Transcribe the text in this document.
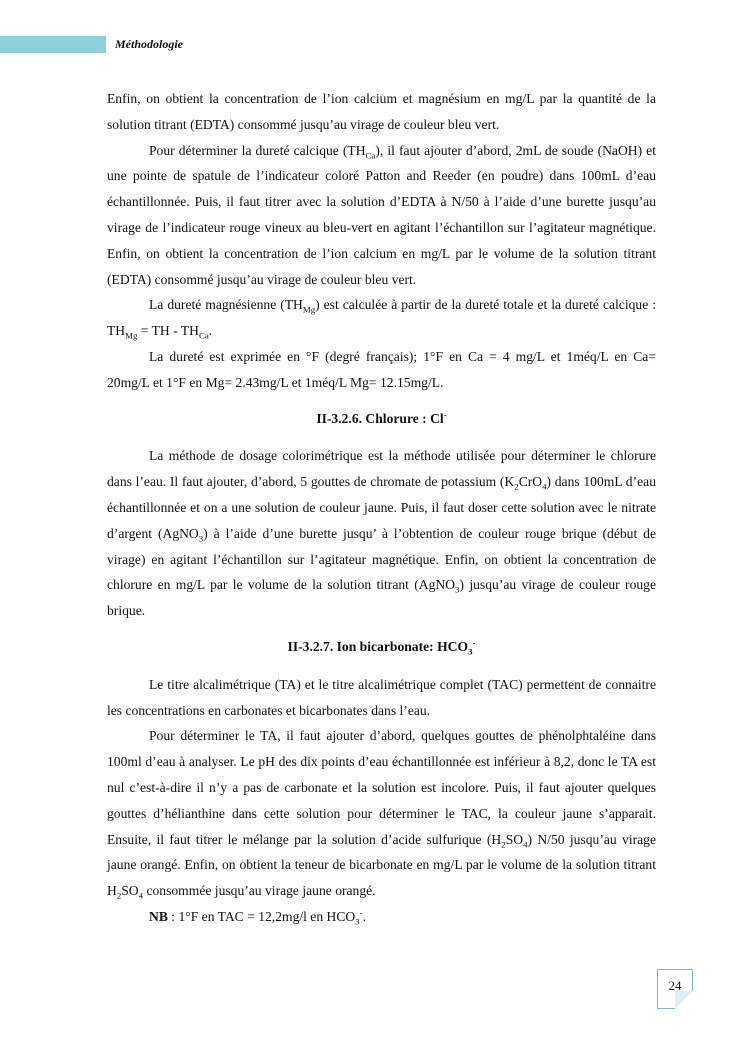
Méthodologie

Enfin, on obtient la concentration de l’ion calcium et magnésium en mg/L par la quantité de la solution titrant (EDTA) consommé jusqu’au virage de couleur bleu vert.

Pour déterminer la dureté calcique $(TH_{Ca})$, il faut ajouter d’abord, 2mL de soude (NaOH) et une pointe de spatule de l’indicateur coloré Patton and Reeder (en poudre) dans 100mL d’eau échantillonnée. Puis, il faut titrer avec la solution d’EDTA à N/50 à l’aide d’une burette jusqu’au virage de l’indicateur rouge vineux au bleu-vert en agitant l’échantillon sur l’agitateur magnétique. Enfin, on obtient la concentration de l’ion calcium en mg/L par le volume de la solution titrant (EDTA) consommé jusqu’au virage de couleur bleu vert.

La dureté magnésienne $(TH_{Mg})$ est calculée à partir de la dureté totale et la dureté calcique : $TH_{Mg}$ = TH - $TH_{Ca}$.

La dureté est exprimée en °F (degré français); 1°F en Ca = 4 mg/L et 1méq/L en Ca= 20mg/L et 1°F en Mg= 2.43mg/L et 1méq/L Mg= 12.15mg/L.

II-3.2.6. Chlorure : Cl-

La méthode de dosage colorimétrique est la méthode utilisée pour déterminer le chlorure dans l’eau. Il faut ajouter, d’abord, 5 gouttes de chromate de potassium $(K_2CrO_4)$ dans 100mL d’eau échantillonnée et on a une solution de couleur jaune. Puis, il faut doser cette solution avec le nitrate d’argent (AgNO$_3$) à l’aide d’une burette jusqu’ à l’obtention de couleur rouge brique (début de virage) en agitant l’échantillon sur l’agitateur magnétique. Enfin, on obtient la concentration de chlorure en mg/L par le volume de la solution titrant (AgNO$_3$) jusqu’au virage de couleur rouge brique.

II-3.2.7. Ion bicarbonate: $HCO_3^-$

Le titre alcalimétrique (TA) et le titre alcalimétrique complet (TAC) permettent de connaitre les concentrations en carbonates et bicarbonates dans l’eau.

Pour déterminer le TA, il faut ajouter d’abord, quelques gouttes de phénolphtaléine dans 100ml d’eau à analyser. Le pH des dix points d’eau échantillonnée est inférieur à 8,2, donc le TA est nul c’est-à-dire il n’y a pas de carbonate et la solution est incolore. Puis, il faut ajouter quelques gouttes d’hélianthine dans cette solution pour déterminer le TAC, la couleur jaune s’apparait. Ensuite, il faut titrer le mélange par la solution d’acide sulfurique $(H_2SO_4)$ N/50 jusqu’au virage jaune orangé. Enfin, on obtient la teneur de bicarbonate en mg/L par le volume de la solution titrant $H_2SO_4$ consommée jusqu’au virage jaune orangé.

NB : 1°F en TAC = 12,2mg/l en $HCO_3^-$.

24
